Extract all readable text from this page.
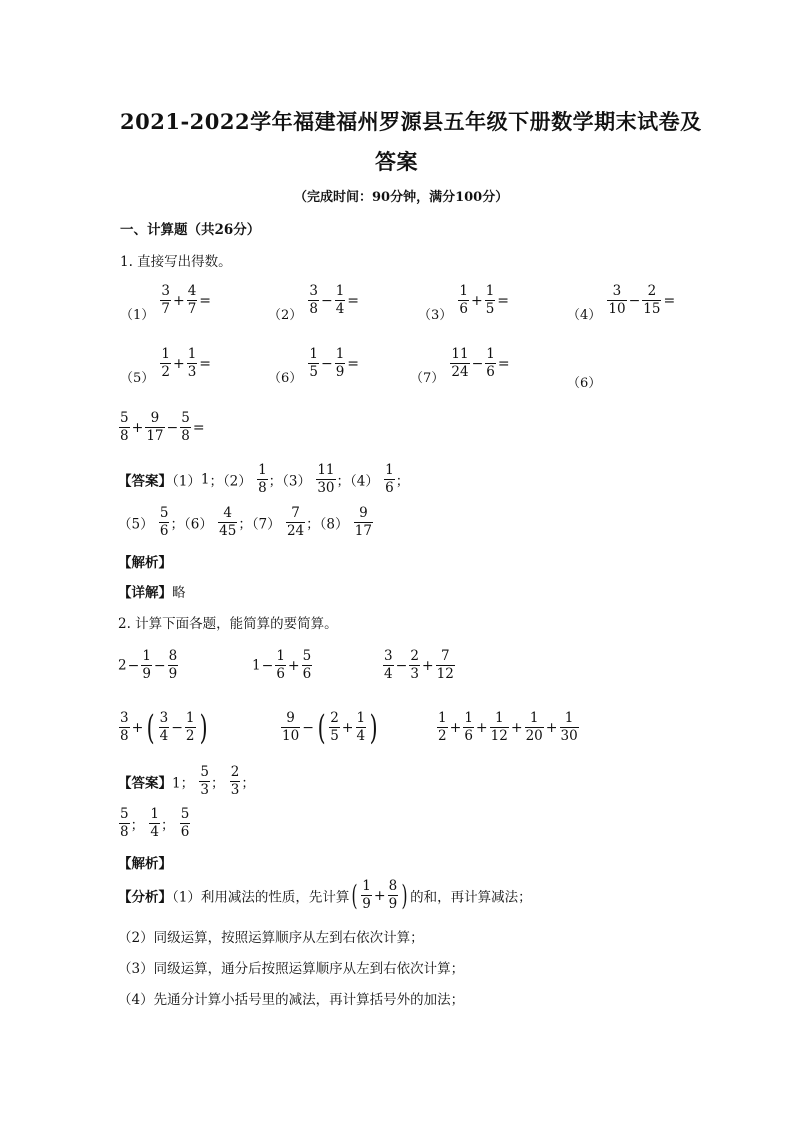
2021-2022学年福建福州罗源县五年级下册数学期末试卷及
答案
（完成时间：90分钟，满分100分）
一、计算题（共26分）
1. 直接写出得数。
$_{(1)} \frac{3}{7} + \frac{4}{7}$ =
$_{(2)} \frac{3}{8} - \frac{1}{4}$ =
$_{(3)} \frac{1}{6} + \frac{1}{5}$ =
$_{(4)} \frac{3}{10} - \frac{2}{15}$ =
$_{(5)} \frac{1}{2} + \frac{1}{3}$ =
$_{(6)} \frac{1}{5} - \frac{1}{9}$ =
$_{(7)} \frac{11}{24} - \frac{1}{6}$ =
（6）
$\frac{5}{8} + \frac{9}{17} - \frac{5}{8}$ =
【答案】（1）1；$(2) \frac{1}{8}$ ；$(3) \frac{11}{30}$ ；$(4) \frac{1}{6}$ ；
$(5) \frac{5}{6}$ ；$(6) \frac{4}{45}$ ；$(7) \frac{7}{24}$ ；$(8) \frac{9}{17}$
【解析】
【详解】略
2. 计算下面各题，能简算的要简算。
$2- \frac{1}{9} - \frac{8}{9}$	$1- \frac{1}{6} + \frac{5}{6}$	$\frac{3}{4} - \frac{2}{3} + \frac{7}{12}$
$\frac{3}{8}$ + ( $\frac{3}{4} - \frac{1}{2}$ )	$\frac{9}{10}$ − ( $\frac{2}{5} + \frac{1}{4}$ )	$\frac{1}{2} + \frac{1}{6} + \frac{1}{12} + \frac{1}{20} + \frac{1}{30}$
【答案】1； $\frac{5}{3}$ ； $\frac{2}{3}$ ；
$\frac{5}{8}$ ； $\frac{1}{4}$ ； $\frac{5}{6}$
【解析】
【分析】（1）利用减法的性质，先计算( $\frac{1}{9} + \frac{8}{9}$ ) 的和，再计算减法；
（2）同级运算，按照运算顺序从左到右依次计算；
（3）同级运算，通分后按照运算顺序从左到右依次计算；
（4）先通分计算小括号里的减法，再计算括号外的加法；
